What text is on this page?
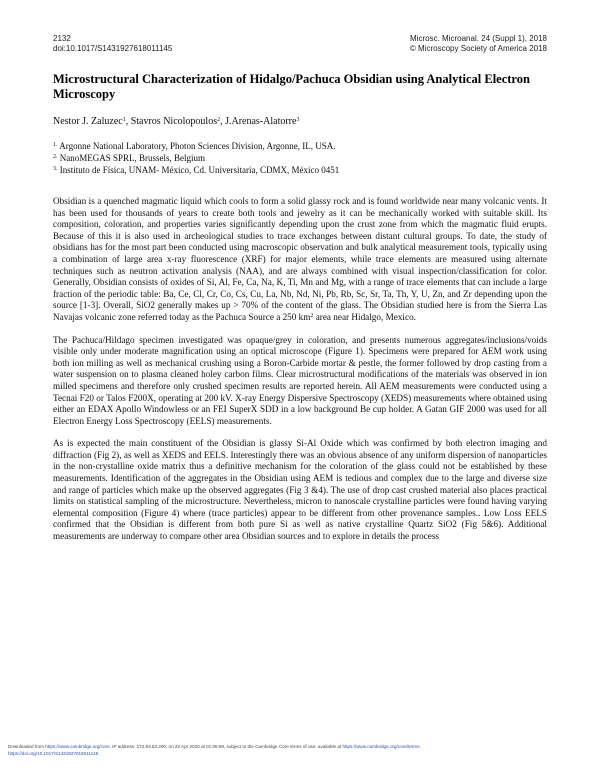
2132
doi:10.1017/S1431927618011145
Microsc. Microanal. 24 (Suppl 1), 2018
© Microscopy Society of America 2018
Microstructural Characterization of Hidalgo/Pachuca Obsidian using Analytical Electron Microscopy
Nestor J. Zaluzec$^1$, Stavros Nicolopoulos$^2$, J.Arenas-Alatorre$^3$
$^{1.}$ Argonne National Laboratory, Photon Sciences Division, Argonne, IL, USA.
$^{2.}$ NanoMEGAS SPRL, Brussels, Belgium
$^{3.}$ Instituto de Física, UNAM- México, Cd. Universitaria, CDMX, México 0451

Obsidian is a quenched magmatic liquid which cools to form a solid glassy rock and is found worldwide near many volcanic vents. It has been used for thousands of years to create both tools and jewelry as it can be mechanically worked with suitable skill. Its composition, coloration, and properties varies significantly depending upon the crust zone from which the magmatic fluid erupts. Because of this it is also used in archeological studies to trace exchanges between distant cultural groups. To date, the study of obsidians has for the most part been conducted using macroscopic observation and bulk analytical measurement tools, typically using a combination of large area x-ray fluorescence (XRF) for major elements, while trace elements are measured using alternate techniques such as neutron activation analysis (NAA), and are always combined with visual inspection/classification for color. Generally, Obsidian consists of oxides of Si, Al, Fe, Ca, Na, K, Ti, Mn and Mg, with a range of trace elements that can include a large fraction of the periodic table: Ba, Ce, Cl, Cr, Co, Cs, Cu, La, Nb, Nd, Ni, Pb, Rb, Sc, Sr, Ta, Th, Y, U, Zn, and Zr depending upon the source [1-3]. Overall, SiO2 generally makes up > 70% of the content of the glass. The Obsidian studied here is from the Sierra Las Navajas volcanic zone referred today as the Pachuca Source a 250 $km^2$ area near Hidalgo, Mexico.

The Pachuca/Hildago specimen investigated was opaque/grey in coloration, and presents numerous aggregates/inclusions/voids visible only under moderate magnification using an optical microscope (Figure 1). Specimens were prepared for AEM work using both ion milling as well as mechanical crushing using a Boron-Carbide mortar & pestle, the former followed by drop casting from a water suspension on to plasma cleaned holey carbon films. Clear microstructural modifications of the materials was observed in ion milled specimens and therefore only crushed specimen results are reported herein. All AEM measurements were conducted using a Tecnai F20 or Talos F200X, operating at 200 kV. X-ray Energy Dispersive Spectroscopy (XEDS) measurements where obtained using either an EDAX Apollo Windowless or an FEI SuperX SDD in a low background Be cup holder. A Gatan GIF 2000 was used for all Electron Energy Loss Spectroscopy (EELS) measurements.

As is expected the main constituent of the Obsidian is glassy Si-Al Oxide which was confirmed by both electron imaging and diffraction (Fig 2), as well as XEDS and EELS. Interestingly there was an obvious absence of any uniform dispersion of nanoparticles in the non-crystalline oxide matrix thus a definitive mechanism for the coloration of the glass could not be established by these measurements. Identification of the aggregates in the Obsidian using AEM is tedious and complex due to the large and diverse size and range of particles which make up the observed aggregates (Fig 3 &4). The use of drop cast crushed material also places practical limits on statistical sampling of the microstructure. Nevertheless, micron to nanoscale crystalline particles were found having varying elemental composition (Figure 4) where (trace particles) appear to be different from other provenance samples.. Low Loss EELS confirmed that the Obsidian is different from both pure Si as well as native crystalline Quartz SiO2 (Fig 5&6). Additional measurements are underway to compare other area Obsidian sources and to explore in details the process

Downloaded from https://www.cambridge.org/core. IP address: 172.93.53.200, on 22 Apr 2020 at 01:08:58, subject to the Cambridge Core terms of use, available at https://www.cambridge.org/core/terms.
https://doi.org/10.1017/S1431927618011145
